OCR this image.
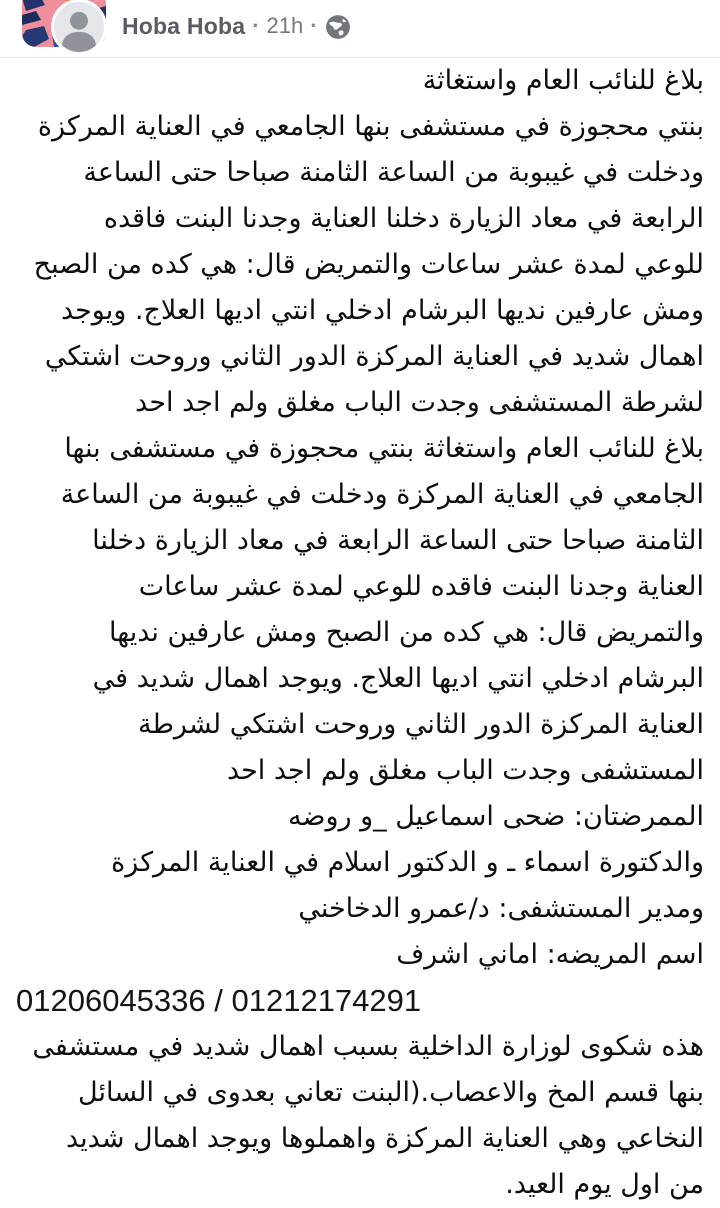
Hoba Hoba · 21h ·
بلاغ للنائب العام واستغاثة
بنتي محجوزة في مستشفى بنها الجامعي في العناية المركزة
ودخلت في غيبوبة من الساعة الثامنة صباحا حتى الساعة
الرابعة في معاد الزيارة دخلنا العناية وجدنا البنت فاقده
للوعي لمدة عشر ساعات والتمريض قال: هي كده من الصبح
ومش عارفين نديها البرشام ادخلي انتي اديها العلاج. ويوجد
اهمال شديد في العناية المركزة الدور الثاني وروحت اشتكي
لشرطة المستشفى وجدت الباب مغلق ولم اجد احد
بلاغ للنائب العام واستغاثة بنتي محجوزة في مستشفى بنها
الجامعي في العناية المركزة ودخلت في غيبوبة من الساعة
الثامنة صباحا حتى الساعة الرابعة في معاد الزيارة دخلنا
العناية وجدنا البنت فاقده للوعي لمدة عشر ساعات
والتمريض قال: هي كده من الصبح ومش عارفين نديها
البرشام ادخلي انتي اديها العلاج. ويوجد اهمال شديد في
العناية المركزة الدور الثاني وروحت اشتكي لشرطة
المستشفى وجدت الباب مغلق ولم اجد احد
الممرضتان: ضحى اسماعيل _و روضه
والدكتورة اسماء ـ و الدكتور اسلام في العناية المركزة
ومدير المستشفى: د/عمرو الدخاخني
اسم المريضه: اماني اشرف
01206045336 / 01212174291
هذه شكوى لوزارة الداخلية بسبب اهمال شديد في مستشفى
بنها قسم المخ والاعصاب.(البنت تعاني بعدوى في السائل
النخاعي وهي العناية المركزة واهملوها ويوجد اهمال شديد
من اول يوم العيد.
